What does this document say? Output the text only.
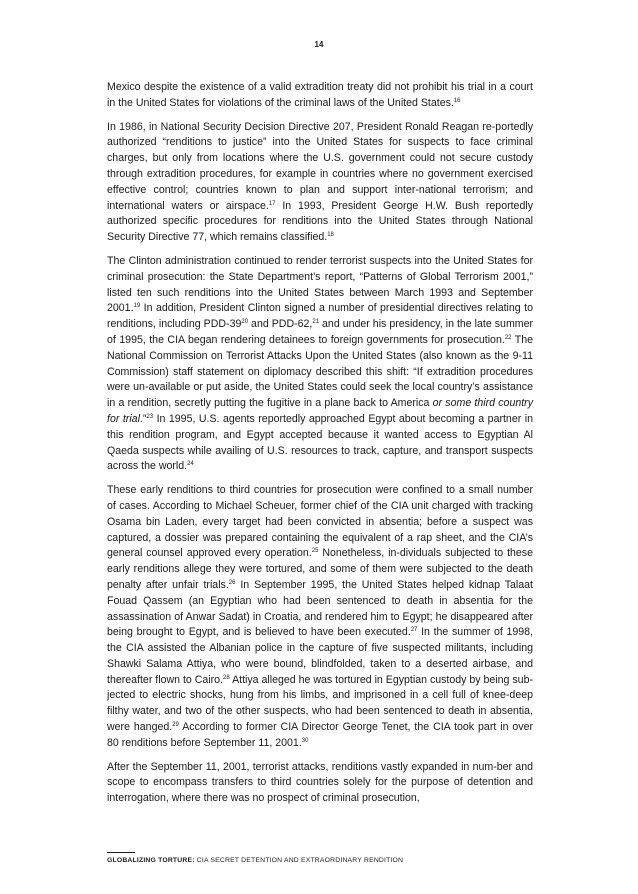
14

Mexico despite the existence of a valid extradition treaty did not prohibit his trial in a court in the United States for violations of the criminal laws of the United States.$^{16}$

In 1986, in National Security Decision Directive 207, President Ronald Reagan re-portedly authorized “renditions to justice” into the United States for suspects to face criminal charges, but only from locations where the U.S. government could not secure custody through extradition procedures, for example in countries where no government exercised effective control; countries known to plan and support inter-national terrorism; and international waters or airspace.$^{17}$ In 1993, President George H.W. Bush reportedly authorized specific procedures for renditions into the United States through National Security Directive 77, which remains classified.$^{18}$

The Clinton administration continued to render terrorist suspects into the United States for criminal prosecution: the State Department’s report, “Patterns of Global Terrorism 2001,” listed ten such renditions into the United States between March 1993 and September 2001.19 In addition, President Clinton signed a number of presidential directives relating to renditions, including PDD-$39^{20}$ and PDD-62,21 and under his presidency, in the late summer of 1995, the CIA began rendering detainees to foreign governments for prosecution.$^{22}$ The National Commission on Terrorist Attacks Upon the United States (also known as the 9-11 Commission) staff statement on diplomacy described this shift: “If extradition procedures were un-available or put aside, the United States could seek the local country’s assistance in a rendition, secretly putting the fugitive in a plane back to America or some third country for trial.”$^{23}$ In 1995, U.S. agents reportedly approached Egypt about becoming a partner in this rendition program, and Egypt accepted because it wanted access to Egyptian Al Qaeda suspects while availing of U.S. resources to track, capture, and transport suspects across the world.$^{24}$

These early renditions to third countries for prosecution were confined to a small number of cases. According to Michael Scheuer, former chief of the CIA unit charged with tracking Osama bin Laden, every target had been convicted in absentia; before a suspect was captured, a dossier was prepared containing the equivalent of a rap sheet, and the CIA’s general counsel approved every operation.$^{25}$ Nonetheless, in-dividuals subjected to these early renditions allege they were tortured, and some of them were subjected to the death penalty after unfair trials.$^{26}$ In September 1995, the United States helped kidnap Talaat Fouad Qassem (an Egyptian who had been sentenced to death in absentia for the assassination of Anwar Sadat) in Croatia, and rendered him to Egypt; he disappeared after being brought to Egypt, and is believed to have been executed.$^{27}$ In the summer of 1998, the CIA assisted the Albanian police in the capture of five suspected militants, including Shawki Salama Attiya, who were bound, blindfolded, taken to a deserted airbase, and thereafter flown to Cairo.$^{28}$ Attiya alleged he was tortured in Egyptian custody by being sub-jected to electric shocks, hung from his limbs, and imprisoned in a cell full of knee-deep filthy water, and two of the other suspects, who had been sentenced to death in absentia, were hanged.$^{29}$ According to former CIA Director George Tenet, the CIA took part in over 80 renditions before September 11, 2001.30

After the September 11, 2001, terrorist attacks, renditions vastly expanded in num-ber and scope to encompass transfers to third countries solely for the purpose of detention and interrogation, where there was no prospect of criminal prosecution,

GLOBALIZING TORTURE: CIA SECRET DETENTION AND EXTRAORDINARY RENDITION
